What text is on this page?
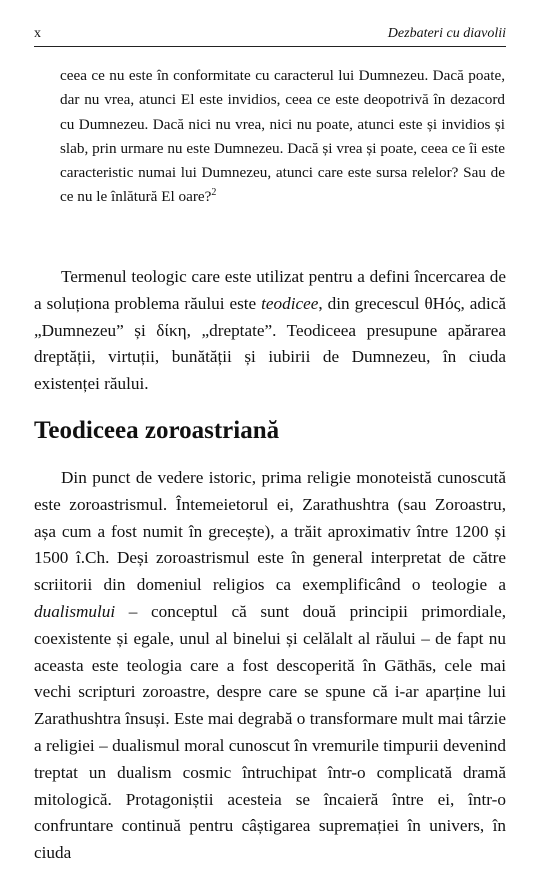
x	Dezbateri cu diavolii

ceea ce nu este în conformitate cu caracterul lui Dumnezeu. Dacă poate, dar nu vrea, atunci El este invidios, ceea ce este deopotrivă în dezacord cu Dumnezeu. Dacă nici nu vrea, nici nu poate, atunci este și invidios și slab, prin urmare nu este Dumnezeu. Dacă și vrea și poate, ceea ce îi este caracteristic numai lui Dumnezeu, atunci care este sursa relelor? Sau de ce nu le înlătură El oare?$^2$

Termenul teologic care este utilizat pentru a defini încercarea de a soluționa problema răului este teodicee, din grecescul θΗός, adică „Dumnezeu” și δίκη, „dreptate”. Teodiceea presupune apărarea dreptății, virtuții, bunătății și iubirii de Dumnezeu, în ciuda existenței răului.

Teodiceea zoroastriană

Din punct de vedere istoric, prima religie monoteistă cunoscută este zoroastrismul. Întemeietorul ei, Zarathushtra (sau Zoroastru, așa cum a fost numit în grecește), a trăit aproximativ între 1200 și 1500 î.Ch. Deși zoroastrismul este în general interpretat de către scriitorii din domeniul religios ca exemplificând o teologie a dualismului – conceptul că sunt două principii primordiale, coexistente și egale, unul al binelui și celălalt al răului – de fapt nu aceasta este teologia care a fost descoperită în Gāthās, cele mai vechi scripturi zoroastre, despre care se spune că i-ar aparține lui Zarathushtra însuși. Este mai degrabă o transformare mult mai târzie a religiei – dualismul moral cunoscut în vremurile timpurii devenind treptat un dualism cosmic întruchipat într-o complicată dramă mitologică. Protagoniștii acesteia se încaieră între ei, într-o confruntare continuă pentru câștigarea supremației în univers, în ciuda
